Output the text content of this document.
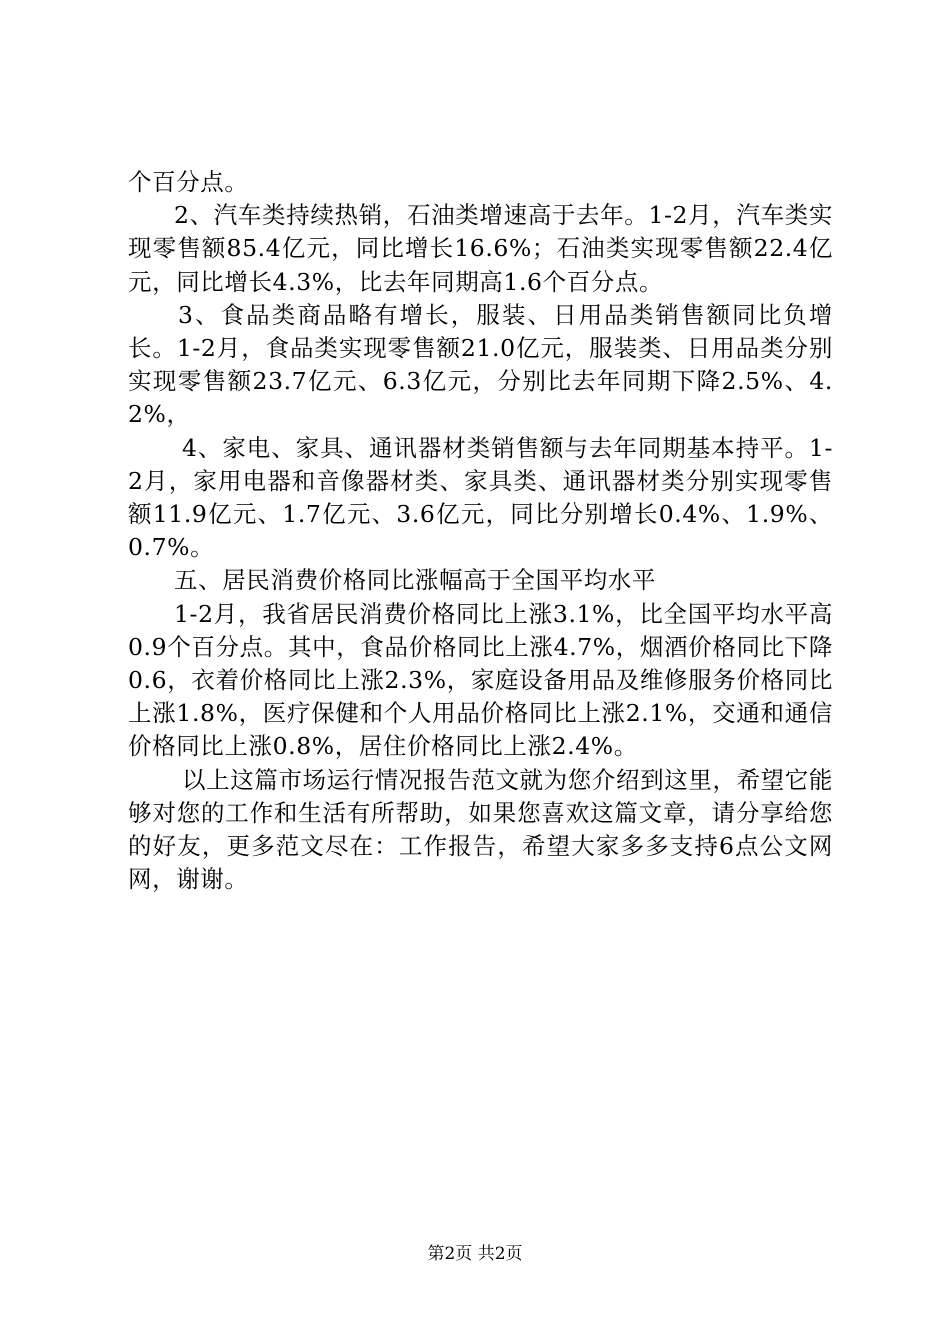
个百分点。

2、汽车类持续热销，石油类增速高于去年。1-2月，汽车类实现零售额85.4亿元，同比增长16.6%；石油类实现零售额22.4亿元，同比增长4.3%，比去年同期高1.6个百分点。

3、食品类商品略有增长，服装、日用品类销售额同比负增长。1-2月，食品类实现零售额21.0亿元，服装类、日用品类分别实现零售额23.7亿元、6.3亿元，分别比去年同期下降2.5%、4.2%，

4、家电、家具、通讯器材类销售额与去年同期基本持平。1-2月，家用电器和音像器材类、家具类、通讯器材类分别实现零售额11.9亿元、1.7亿元、3.6亿元，同比分别增长0.4%、1.9%、0.7%。

五、居民消费价格同比涨幅高于全国平均水平

1-2月，我省居民消费价格同比上涨3.1%，比全国平均水平高0.9个百分点。其中，食品价格同比上涨4.7%，烟酒价格同比下降0.6，衣着价格同比上涨2.3%，家庭设备用品及维修服务价格同比上涨1.8%，医疗保健和个人用品价格同比上涨2.1%，交通和通信价格同比上涨0.8%，居住价格同比上涨2.4%。

以上这篇市场运行情况报告范文就为您介绍到这里，希望它能够对您的工作和生活有所帮助，如果您喜欢这篇文章，请分享给您的好友，更多范文尽在：工作报告，希望大家多多支持6点公文网网，谢谢。

第2页 共2页
